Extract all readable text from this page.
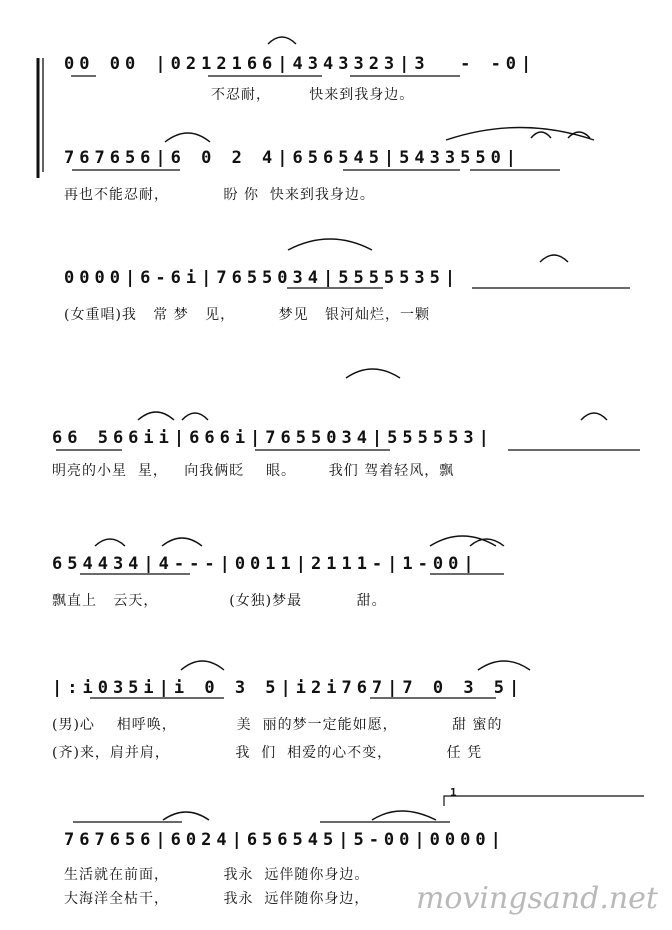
00 00 |0212166|4343323|3  - -0|
不忍耐，       快来到我身边。
767656|6 0 2 4|656545|5433550|
再也不能忍耐，          盼 你  快来到我身边。
0000|6-6i|7655034|5555535|
(女重唱)我   常 梦   见，        梦见   银河灿烂，一颗
66 566ii|666i|7655034|555553|
明亮的小星  星，   向我俩眨    眼。      我们 驾着轻风，飘
654434|4---|0011|2111-|1-00|
飘直上   云天，             (女独)梦最          甜。
|:i035i|i 0 3 5|i2i767|7 0 3 5|
(男)心    相呼唤，           美  丽的梦一定能如愿，          甜 蜜的
(齐)来，肩并肩，            我  们  相爱的心不变，          任 凭
1
767656|6024|656545|5-00|0000|
生活就在前面，          我永  远伴随你身边。
大海洋全枯干，          我永  远伴随你身边， movingsand.net
